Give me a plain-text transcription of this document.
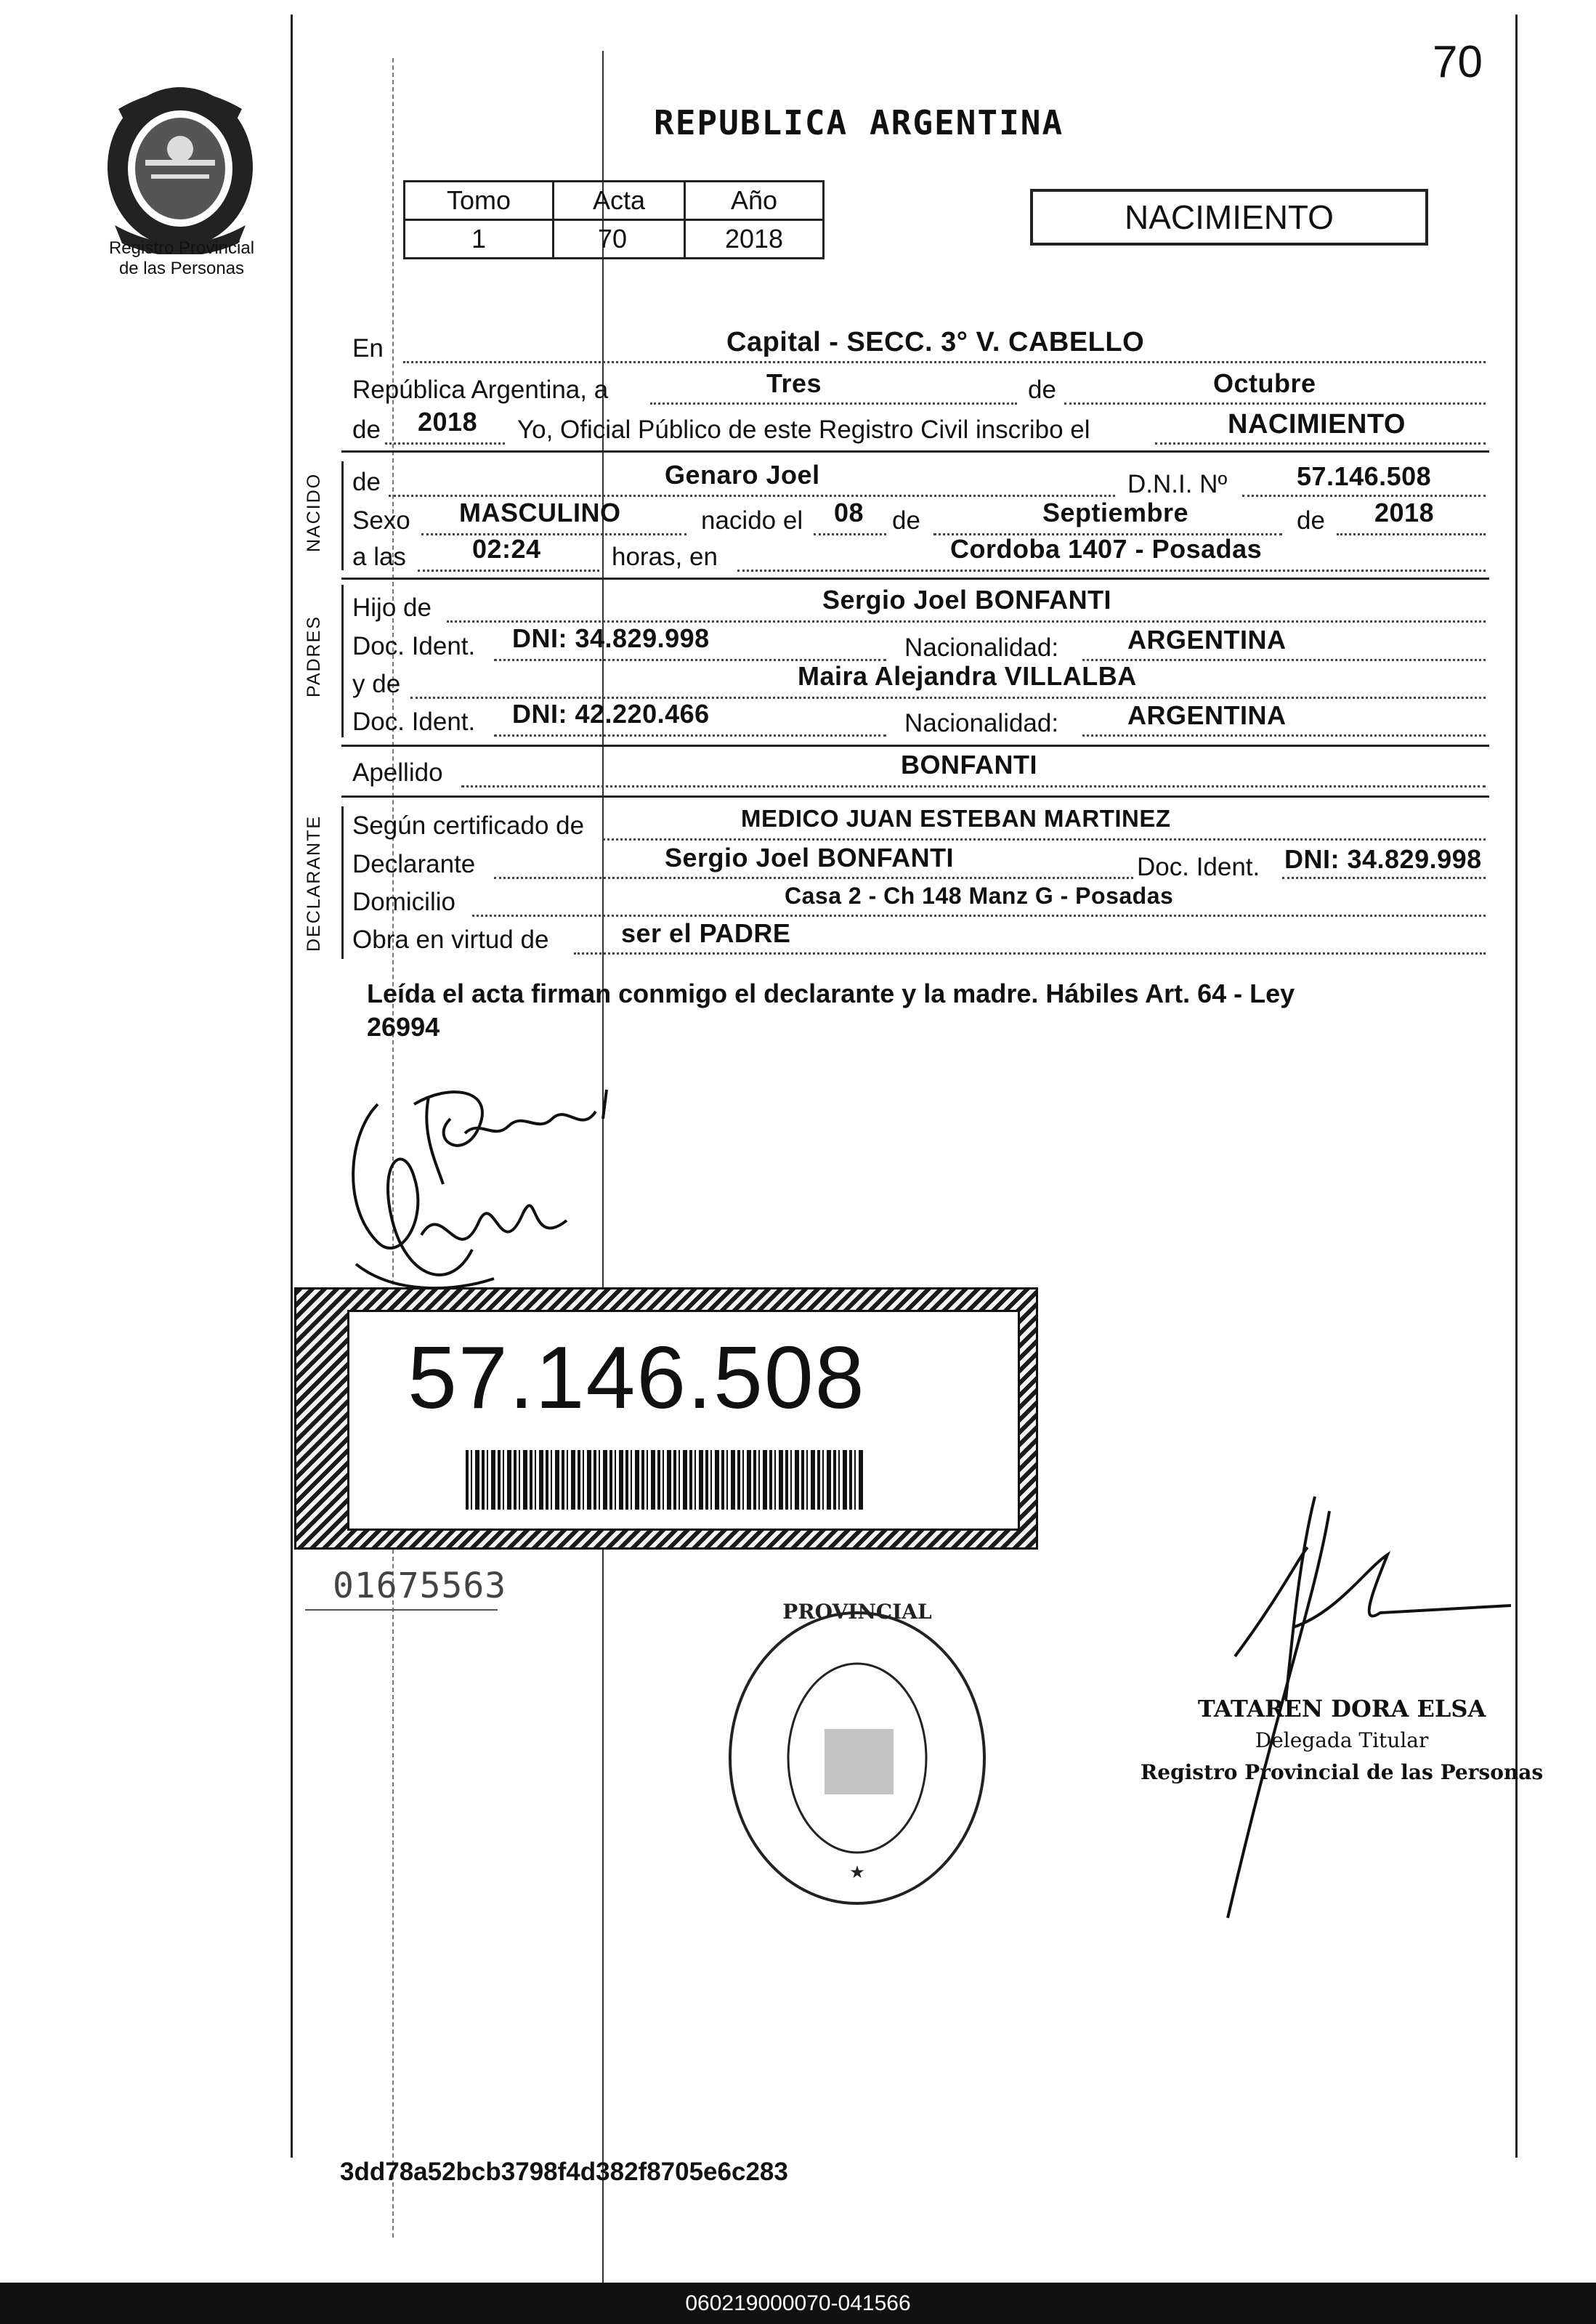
Registro Provincial
de las Personas
70
REPUBLICA ARGENTINA
Tomo	Acta	Año
1	70	2018
NACIMIENTO
En	Capital - SECC. 3° V. CABELLO
República Argentina, a	Tres	de	Octubre
de 2018 Yo, Oficial Público de este Registro Civil inscribo el	NACIMIENTO
NACIDO de	Genaro Joel	D.N.I. Nº	57.146.508
Sexo MASCULINO	nacido el 08 de	Septiembre	de 2018
a las	02:24	horas, en	Cordoba 1407 - Posadas
PADRES
Hijo de	Sergio Joel BONFANTI
Doc. Ident. DNI: 34.829.998	Nacionalidad:	ARGENTINA
y de	Maira Alejandra VILLALBA
Doc. Ident. DNI: 42.220.466	Nacionalidad:	ARGENTINA
Apellido	BONFANTI
DECLARANTE Según certificado de	MEDICO JUAN ESTEBAN MARTINEZ
Declarante	Sergio Joel BONFANTI	Doc. Ident. DNI: 34.829.998
Domicilio	Casa 2 - Ch 148 Manz G - Posadas
Obra en virtud de	ser el PADRE
Leída el acta firman conmigo el declarante y la madre. Hábiles Art. 64 - Ley
26994
57.146.508
01675563
PROVINCIAL
★
TATAREN DORA ELSA
Delegada Titular
Registro Provincial de las Personas
3dd78a52bcb3798f4d382f8705e6c283
060219000070-041566
